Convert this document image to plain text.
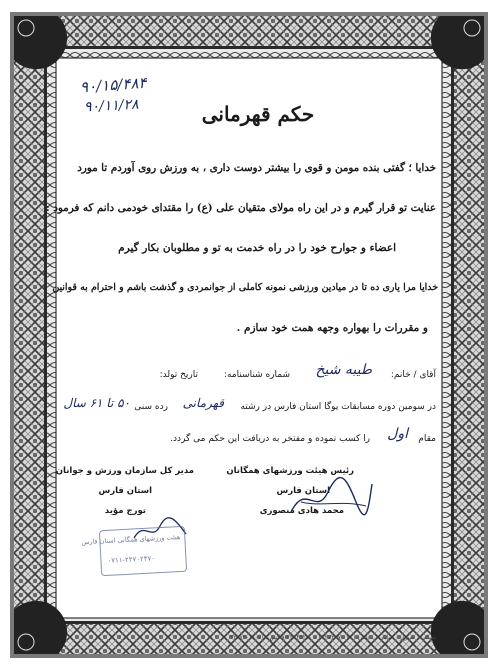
۹۰/۱۵/۴۸۴
۹۰/۱۱/۲۸	حکم قهرمانی
خدایا ؛ گفتی بنده مومن و قوی را بیشتر دوست داری ، به ورزش روی آوردم تا مورد
عنایت تو قرار گیرم و در این راه مولای متقیان علی (ع) را مقتدای خودمی دانم که فرمود :
اعضاء و جوارح خود را در راه خدمت به تو و مطلوبان بکار گیرم
خدایا مرا یاری ده تا در میادین ورزشی نمونه کاملی از جوانمردی و گذشت باشم و احترام به قوانین
و مقررات را بهواره وجهه همت خود سازم .
آقای / خانم:
طیبه شیخ
شماره شناسنامه:
تاریخ تولد:
در سومین دوره مسابقات یوگا استان فارس در رشته
قهرمانی
رده سنی
۵۰ تا ۶۱ سال
مقام
اول
را کسب نموده و مفتخر به دریافت این حکم می گردد.
رئیس هیئت ورزشهای همگانان
استان فارس
محمد هادی منصوری
مدیر کل سازمان ورزش و جوانان
استان فارس
تورج مؤید
هیئت ورزشهای همگانی استان فارس
۰۷۱۱-۲۲۷۰۲۴۷۰
نشانی : شیراز - خیابان ... تلفن ۰۷۱۱-۲۳۲۷۳۰۷ - ۲۳۲۴۵۲۱۰ فاکس ۰۷۱۱-۲۳۲۷۳۰۷
